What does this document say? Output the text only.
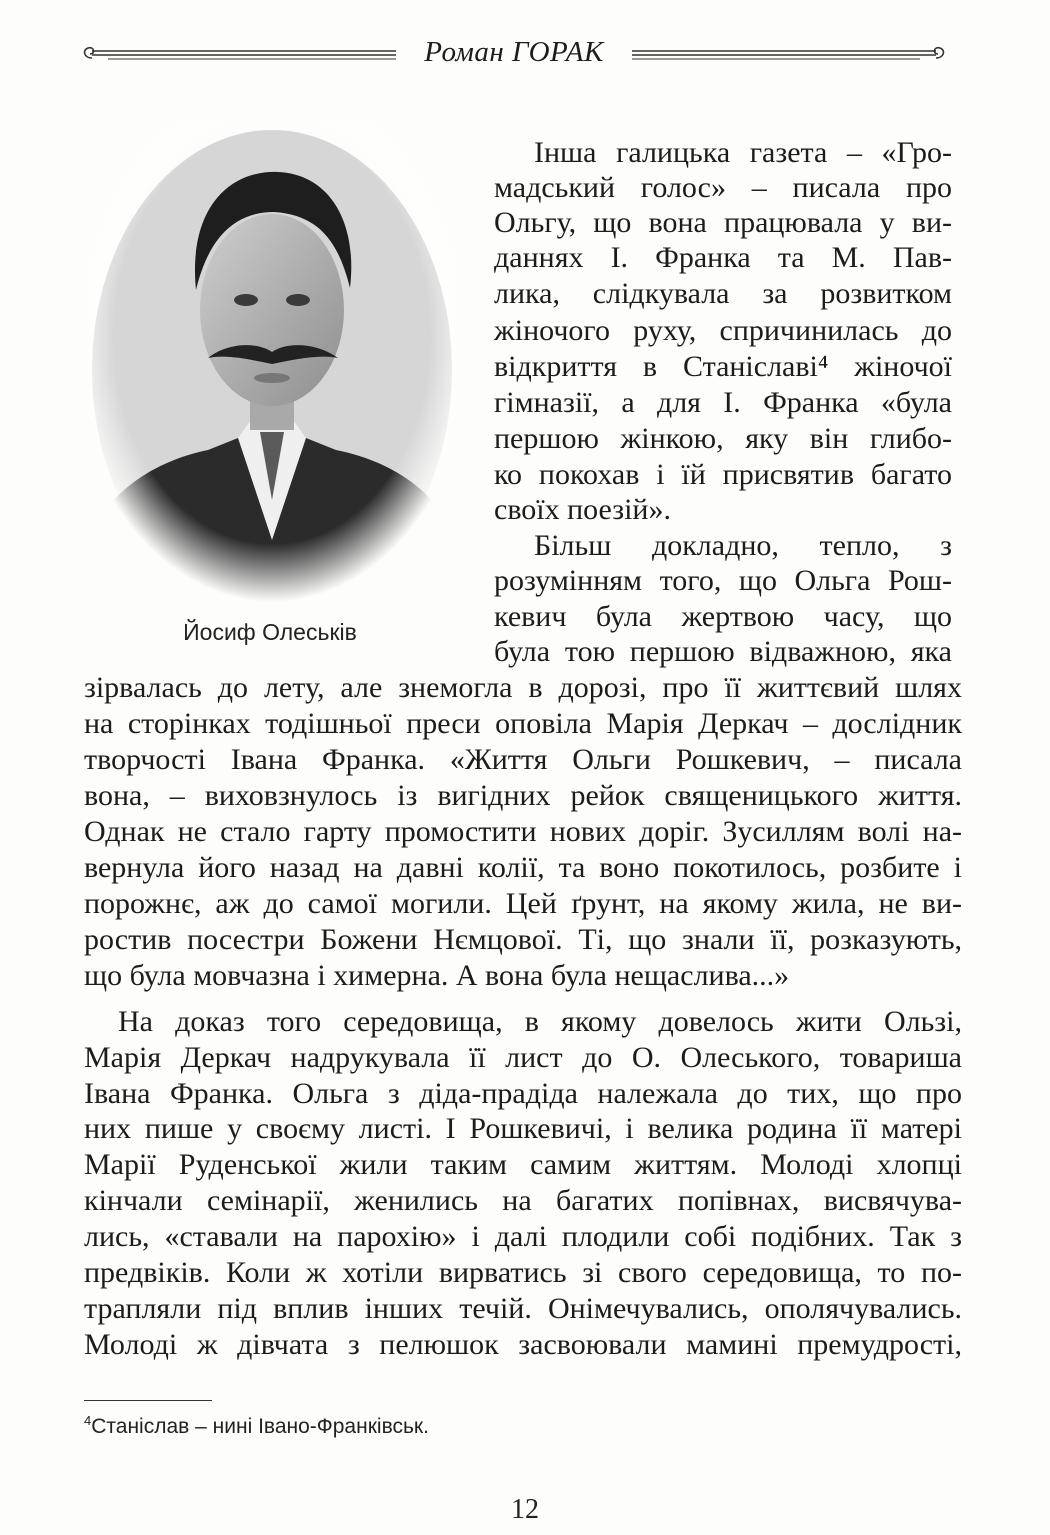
Роман ГОРАК
Йосиф Олеськів
Інша галицька газета – «Гро-
мадський голос» – писала про
Ольгу, що вона працювала у ви-
даннях І. Франка та М. Пав-
лика, слідкувала за розвитком
жіночого руху, спричинилась до
відкриття в Станіславі⁴ жіночої
гімназії, а для І. Франка «була
першою жінкою, яку він глибо-
ко покохав і їй присвятив багато
своїх поезій».
Більш докладно, тепло, з
розумінням того, що Ольга Рош-
кевич була жертвою часу, що
була тою першою відважною, яка
зірвалась до лету, але знемогла в дорозі, про її життєвий шлях
на сторінках тодішньої преси оповіла Марія Деркач – дослідник
творчості Івана Франка. «Життя Ольги Рошкевич, – писала
вона, – виховзнулось із вигідних рейок священицького життя.
Однак не стало гарту промостити нових доріг. Зусиллям волі на-
вернула його назад на давні колії, та воно покотилось, розбите і
порожнє, аж до самої могили. Цей ґрунт, на якому жила, не ви-
ростив посестри Божени Нємцової. Ті, що знали її, розказують,
що була мовчазна і химерна. А вона була нещаслива...»
На доказ того середовища, в якому довелось жити Ользі,
Марія Деркач надрукувала її лист до О. Олеського, товариша
Івана Франка. Ольга з діда-прадіда належала до тих, що про
них пише у своєму листі. І Рошкевичі, і велика родина її матері
Марії Руденської жили таким самим життям. Молоді хлопці
кінчали семінарії, женились на багатих попівнах, висвячува-
лись, «ставали на парохію» і далі плодили собі подібних. Так з
предвіків. Коли ж хотіли вирватись зі свого середовища, то по-
трапляли під вплив інших течій. Онімечувались, ополячувались.
Молоді ж дівчата з пелюшок засвоювали мамині премудрості,
$^4$Станіслав – нині Івано-Франківськ.
12
